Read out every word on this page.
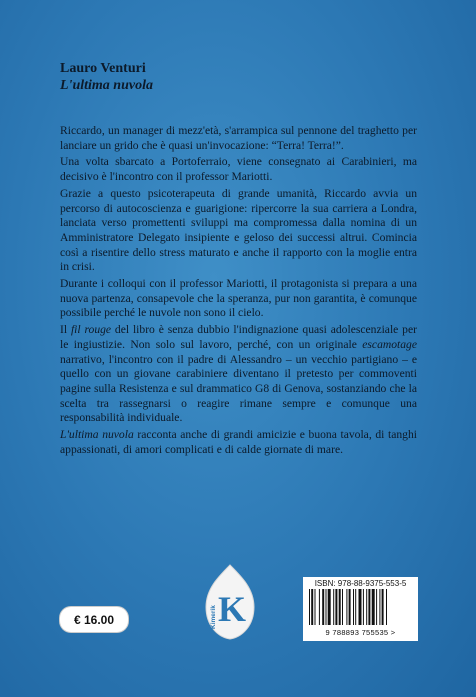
Lauro Venturi
L'ultima nuvola

Riccardo, un manager di mezz'età, s'arrampica sul pennone del traghetto per lanciare un grido che è quasi un'invocazione: “Terra! Terra!”.

Una volta sbarcato a Portoferraio, viene consegnato ai Carabinieri, ma decisivo è l'incontro con il professor Mariotti.

Grazie a questo psicoterapeuta di grande umanità, Riccardo avvia un percorso di autocoscienza e guarigione: ripercorre la sua carriera a Londra, lanciata verso promettenti sviluppi ma compromessa dalla nomina di un Amministratore Delegato insipiente e geloso dei successi altrui. Comincia così a risentire dello stress maturato e anche il rapporto con la moglie entra in crisi.

Durante i colloqui con il professor Mariotti, il protagonista si prepara a una nuova partenza, consapevole che la speranza, pur non garantita, è comunque possibile perché le nuvole non sono il cielo.

Il fil rouge del libro è senza dubbio l'indignazione quasi adolescenziale per le ingiustizie. Non solo sul lavoro, perché, con un originale escamotage narrativo, l'incontro con il padre di Alessandro – un vecchio partigiano – e quello con un giovane carabiniere diventano il pretesto per commoventi pagine sulla Resistenza e sul drammatico G8 di Genova, sostanziando che la scelta tra rassegnarsi o reagire rimane sempre e comunque una responsabilità individuale.

L'ultima nuvola racconta anche di grandi amicizie e buona tavola, di tanghi appassionati, di amori complicati e di calde giornate di mare.

€ 16.00	K
Kimerik
ISBN: 978-88-9375-553-5
9 788893 755535 >
